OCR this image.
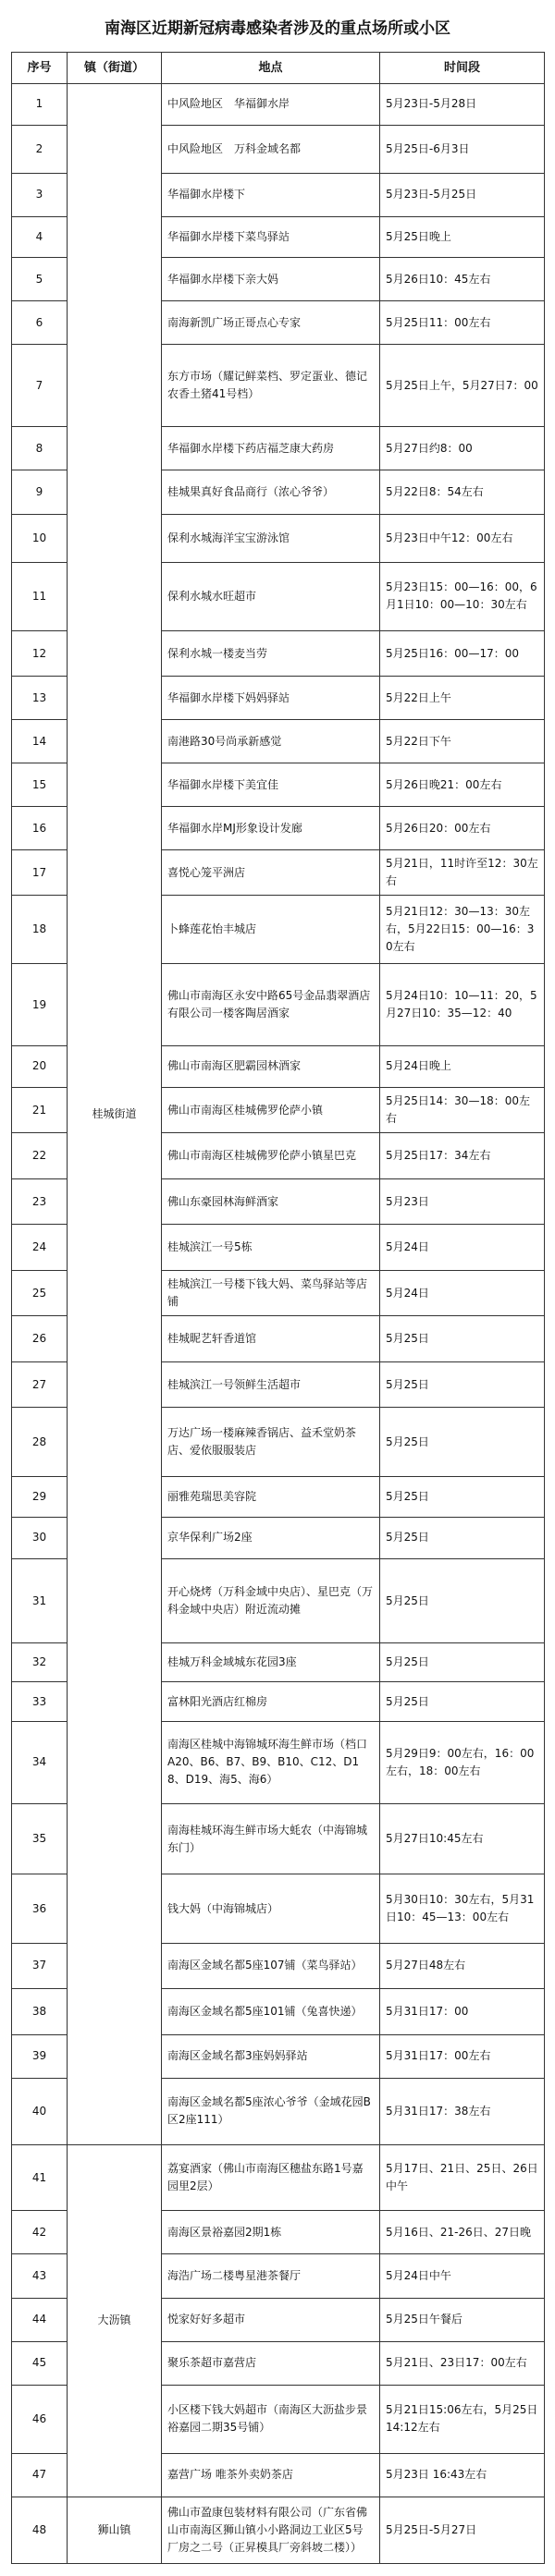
南海区近期新冠病毒感染者涉及的重点场所或小区
序号	镇（街道）	地点	时间段
1	桂城街道	中风险地区　华福御水岸	5月23日-5月28日
2		中风险地区　万科金域名都	5月25日-6月3日
3		华福御水岸楼下	5月23日-5月25日
4		华福御水岸楼下菜鸟驿站	5月25日晚上
5		华福御水岸楼下亲大妈	5月26日10：45左右
6		南海新凯广场正哥点心专家	5月25日11：00左右
7		东方市场（耀记鲜菜档、罗定蛋业、德记农香土猪41号档）	5月25日上午，5月27日7：00
8		华福御水岸楼下药店福芝康大药房	5月27日约8：00
9		桂城果真好食品商行（浓心爷爷）	5月22日8：54左右
10		保利水城海洋宝宝游泳馆	5月23日中午12：00左右
11		保利水城水旺超市	5月23日15：00—16：00，6月1日10：00—10：30左右
12		保利水城一楼麦当劳	5月25日16：00—17：00
13		华福御水岸楼下妈妈驿站	5月22日上午
14		南港路30号尚承新感觉	5月22日下午
15		华福御水岸楼下美宜佳	5月26日晚21：00左右
16		华福御水岸MJ形象设计发廊	5月26日20：00左右
17		喜悦心笼平洲店	5月21日，11时许至12：30左右
18		卜蜂莲花怡丰城店	5月21日12：30—13：30左右，5月22日15：00—16：30左右
19		佛山市南海区永安中路65号金品翡翠酒店有限公司一楼客陶居酒家	5月24日10：10—11：20，5月27日10：35—12：40
20		佛山市南海区肥霸园林酒家	5月24日晚上
21		佛山市南海区桂城佛罗伦萨小镇	5月25日14：30—18：00左右
22		佛山市南海区桂城佛罗伦萨小镇星巴克	5月25日17：34左右
23		佛山东豪园林海鲜酒家	5月23日
24		桂城滨江一号5栋	5月24日
25		桂城滨江一号楼下钱大妈、菜鸟驿站等店铺	5月24日
26		桂城昵艺轩香道馆	5月25日
27		桂城滨江一号领鲜生活超市	5月25日
28		万达广场一楼麻辣香锅店、益禾堂奶茶店、爱依服服装店	5月25日
29		丽雅苑瑞思美容院	5月25日
30		京华保利广场2座	5月25日
31		开心烧烤（万科金域中央店）、星巴克（万科金域中央店）附近流动摊	5月25日
32		桂城万科金域城东花园3座	5月25日
33		富林阳光酒店红棉房	5月25日
34		南海区桂城中海锦城环海生鲜市场（档口A20、B6、B7、B9、B10、C12、D18、D19、海5、海6）	5月29日9：00左右，16：00左右，18：00左右
35		南海桂城环海生鲜市场大蚝农（中海锦城东门）	5月27日10:45左右
36		钱大妈（中海锦城店）	5月30日10：30左右，5月31日10：45—13：00左右
37		南海区金域名都5座107铺（菜鸟驿站）	5月27日48左右
38		南海区金域名都5座101铺（兔喜快递）	5月31日17：00
39		南海区金域名都3座妈妈驿站	5月31日17：00左右
40		南海区金域名都5座浓心爷爷（金域花园B区2座111）	5月31日17：38左右
41	大沥镇	荔宴酒家（佛山市南海区穗盐东路1号嘉园里2层）	5月17日、21日、25日、26日中午
42		南海区景裕嘉园2期1栋	5月16日、21-26日、27日晚
43		海浩广场二楼粤星港茶餐厅	5月24日中午
44		悦家好好多超市	5月25日午餐后
45		聚乐茶超市嘉营店	5月21日、23日17：00左右
46		小区楼下钱大妈超市（南海区大沥盐步景裕嘉园二期35号铺）	5月21日15:06左右，5月25日14:12左右
47		嘉营广场 唯茶外卖奶茶店	5月23日 16:43左右
48	狮山镇	佛山市盈康包装材料有限公司（广东省佛山市南海区狮山镇小小路洞边工业区5号厂房之二号（正昇模具厂旁斜坡二楼））	5月25日-5月27日
